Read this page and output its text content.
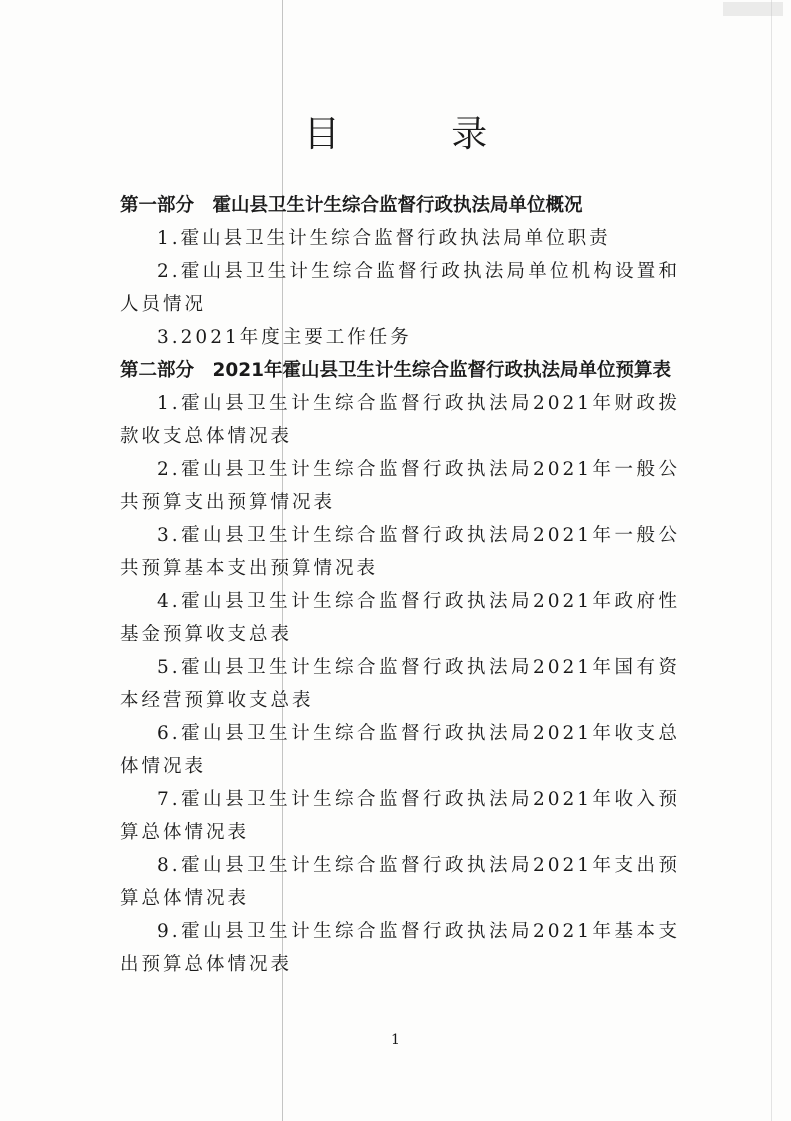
目 录

第一部分　霍山县卫生计生综合监督行政执法局单位概况

1.霍山县卫生计生综合监督行政执法局单位职责

2.霍山县卫生计生综合监督行政执法局单位机构设置和人员情况

3.2021年度主要工作任务

第二部分　2021年霍山县卫生计生综合监督行政执法局单位预算表

1.霍山县卫生计生综合监督行政执法局2021年财政拨款收支总体情况表

2.霍山县卫生计生综合监督行政执法局2021年一般公共预算支出预算情况表

3.霍山县卫生计生综合监督行政执法局2021年一般公共预算基本支出预算情况表

4.霍山县卫生计生综合监督行政执法局2021年政府性基金预算收支总表

5.霍山县卫生计生综合监督行政执法局2021年国有资本经营预算收支总表

6.霍山县卫生计生综合监督行政执法局2021年收支总体情况表

7.霍山县卫生计生综合监督行政执法局2021年收入预算总体情况表

8.霍山县卫生计生综合监督行政执法局2021年支出预算总体情况表

9.霍山县卫生计生综合监督行政执法局2021年基本支出预算总体情况表

1
